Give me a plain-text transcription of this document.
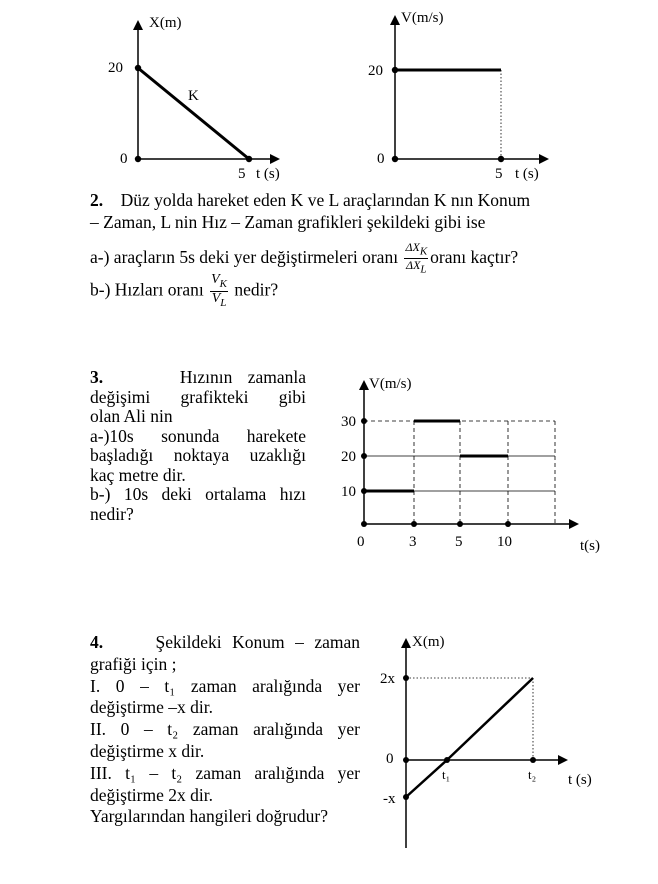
X(m)
20
0
5 t (s)
K
V(m/s)
20
0
5 t (s)
V(m/s)
30
20
10
0	3	5 10	t(s)
X(m)
2x
0
-x
t₁	t₂ t (s)
2. Düz yolda hareket eden K ve L araçlarından K nın Konum
– Zaman, L nin Hız – Zaman grafikleri şekildeki gibi ise
a-) araçların 5s deki yer değiştirmeleri oranı $\frac{\Delta X_K}{\Delta X_L}$ oranı kaçtır?
b-) Hızları oranı $\frac{V_K}{V_L}$ nedir?
3.     Hızının zamanla
değişimi grafikteki gibi
olan Ali nin
a-)10s sonunda harekete
başladığı noktaya uzaklığı
kaç metre dir.
b-) 10s deki ortalama hızı
nedir?
4.     Şekildeki Konum – zaman
grafiği için ;
I. 0 – t₁ zaman aralığında yer
değiştirme –x dir.
II. 0 – t₂ zaman aralığında yer
değiştirme x dir.
III. t₁ – t₂ zaman aralığında yer
değiştirme 2x dir.
Yargılarından hangileri doğrudur?
